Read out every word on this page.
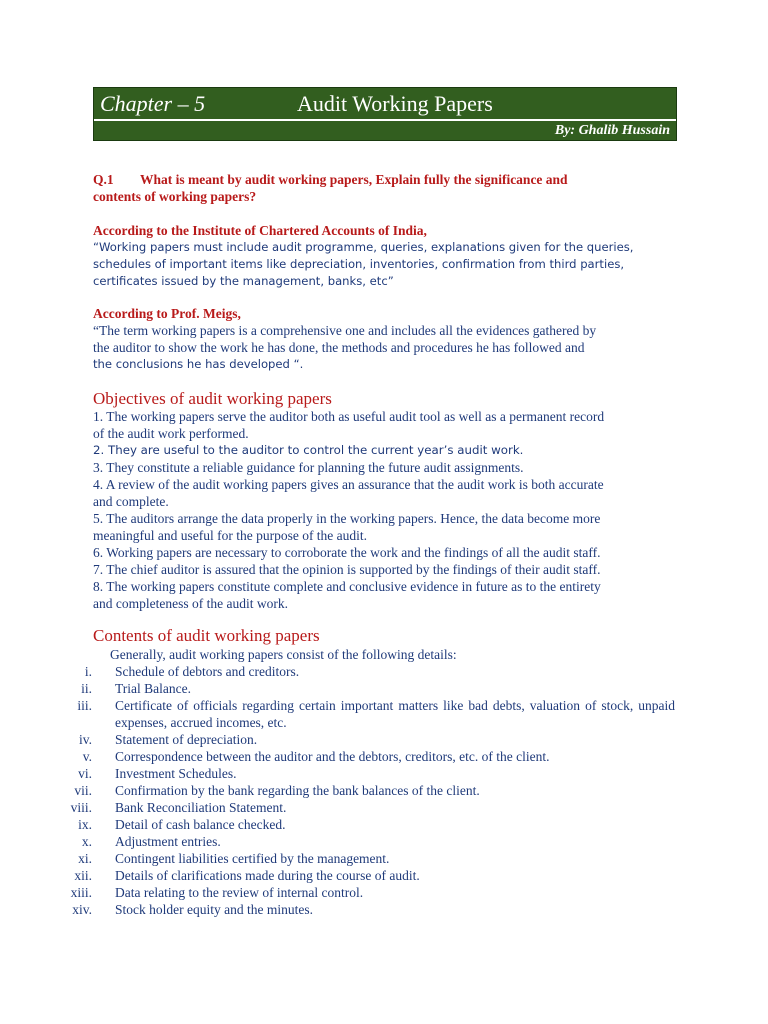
Chapter – 5	Audit Working Papers
By: Ghalib Hussain
Q.1 What is meant by audit working papers, Explain fully the significance and
contents of working papers?
According to the Institute of Chartered Accounts of India,
“Working papers must include audit programme, queries, explanations given for the queries,
schedules of important items like depreciation, inventories, confirmation from third parties,
certificates issued by the management, banks, etc”
According to Prof. Meigs,
“The term working papers is a comprehensive one and includes all the evidences gathered by
the auditor to show the work he has done, the methods and procedures he has followed and
the conclusions he has developed “.
Objectives of audit working papers

1. The working papers serve the auditor both as useful audit tool as well as a permanent record

of the audit work performed.

2. They are useful to the auditor to control the current year’s audit work.

3. They constitute a reliable guidance for planning the future audit assignments.

4. A review of the audit working papers gives an assurance that the audit work is both accurate

and complete.

5. The auditors arrange the data properly in the working papers. Hence, the data become more

meaningful and useful for the purpose of the audit.

6. Working papers are necessary to corroborate the work and the findings of all the audit staff.

7. The chief auditor is assured that the opinion is supported by the findings of their audit staff.

8. The working papers constitute complete and conclusive evidence in future as to the entirety

and completeness of the audit work.

Contents of audit working papers
Generally, audit working papers consist of the following details:
i. Schedule of debtors and creditors.
ii. Trial Balance.
iii. Certificate of officials regarding certain important matters like bad debts, valuation of stock, unpaid expenses, accrued incomes, etc.
iv. Statement of depreciation.
v. Correspondence between the auditor and the debtors, creditors, etc. of the client.
vi. Investment Schedules.
vii. Confirmation by the bank regarding the bank balances of the client.
viii. Bank Reconciliation Statement.
ix. Detail of cash balance checked.
x. Adjustment entries.
xi. Contingent liabilities certified by the management.
xii. Details of clarifications made during the course of audit.
xiii. Data relating to the review of internal control.
xiv. Stock holder equity and the minutes.
